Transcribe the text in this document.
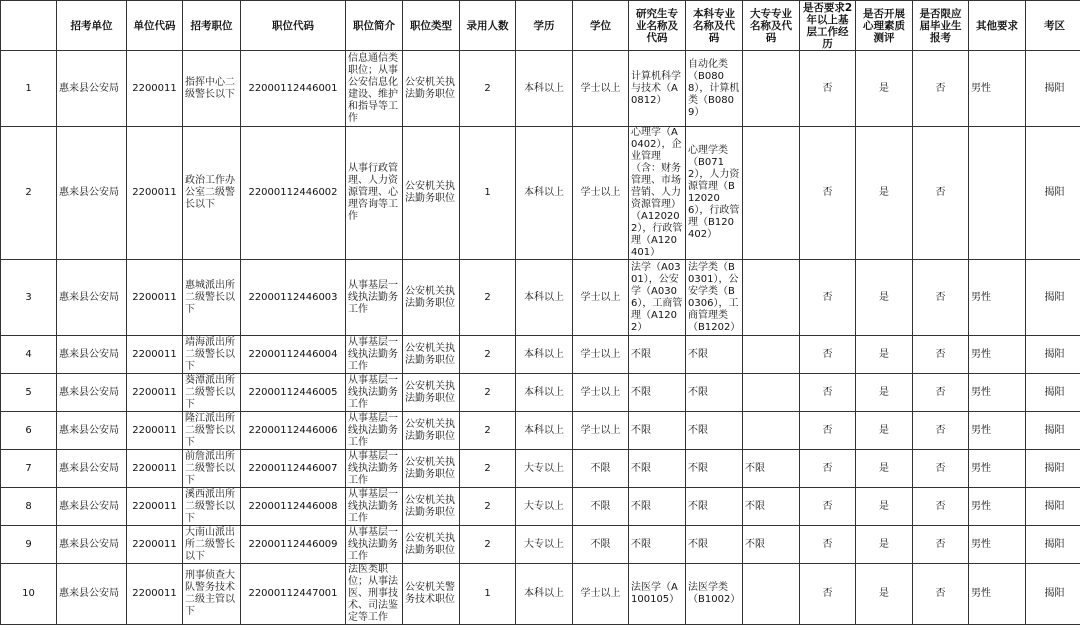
	招考单位	单位代码	招考职位	职位代码	职位简介	职位类型	录用人数	学历	学位	研究生专业名称及代码	本科专业名称及代码	大专专业名称及代码	是否要求2年以上基层工作经历	是否开展心理素质测评	是否限应届毕业生报考	其他要求	考区
1	惠来县公安局	2200011	指挥中心二级警长以下	22000112446001	信息通信类职位；从事公安信息化建设、维护和指导等工作	公安机关执法勤务职位	2	本科以上	学士以上	计算机科学与技术（A0812）	自动化类（B0808），计算机类（B0809）		否	是	否	男性	揭阳
2	惠来县公安局	2200011	政治工作办公室二级警长以下	22000112446002	从事行政管理、人力资源管理、心理咨询等工作	公安机关执法勤务职位	1	本科以上	学士以上	心理学（A0402），企业管理（含：财务管理、市场营销、人力资源管理）（A120202），行政管理（A120401）	心理学类（B0712），人力资源管理（B120206），行政管理（B120402）		否	是	否		揭阳
3	惠来县公安局	2200011	惠城派出所二级警长以下	22000112446003	从事基层一线执法勤务工作	公安机关执法勤务职位	2	本科以上	学士以上	法学（A0301），公安学（A0306），工商管理（A1202）	法学类（B0301），公安学类（B0306），工商管理类（B1202）		否	是	否	男性	揭阳
4	惠来县公安局	2200011	靖海派出所二级警长以下	22000112446004	从事基层一线执法勤务工作	公安机关执法勤务职位	2	本科以上	学士以上	不限	不限		否	是	否	男性	揭阳
5	惠来县公安局	2200011	葵潭派出所二级警长以下	22000112446005	从事基层一线执法勤务工作	公安机关执法勤务职位	2	本科以上	学士以上	不限	不限		否	是	否	男性	揭阳
6	惠来县公安局	2200011	隆江派出所二级警长以下	22000112446006	从事基层一线执法勤务工作	公安机关执法勤务职位	2	本科以上	学士以上	不限	不限		否	是	否	男性	揭阳
7	惠来县公安局	2200011	前詹派出所二级警长以下	22000112446007	从事基层一线执法勤务工作	公安机关执法勤务职位	2	大专以上	不限	不限	不限	不限	否	是	否	男性	揭阳
8	惠来县公安局	2200011	溪西派出所二级警长以下	22000112446008	从事基层一线执法勤务工作	公安机关执法勤务职位	2	大专以上	不限	不限	不限	不限	否	是	否	男性	揭阳
9	惠来县公安局	2200011	大南山派出所二级警长以下	22000112446009	从事基层一线执法勤务工作	公安机关执法勤务职位	2	大专以上	不限	不限	不限	不限	否	是	否	男性	揭阳
10	惠来县公安局	2200011	刑事侦查大队警务技术二级主管以下	22000112447001	法医类职位；从事法医、刑事技术、司法鉴定等工作	公安机关警务技术职位	1	本科以上	学士以上	法医学（A100105）	法医学类（B1002）		否	是	否	男性	揭阳
